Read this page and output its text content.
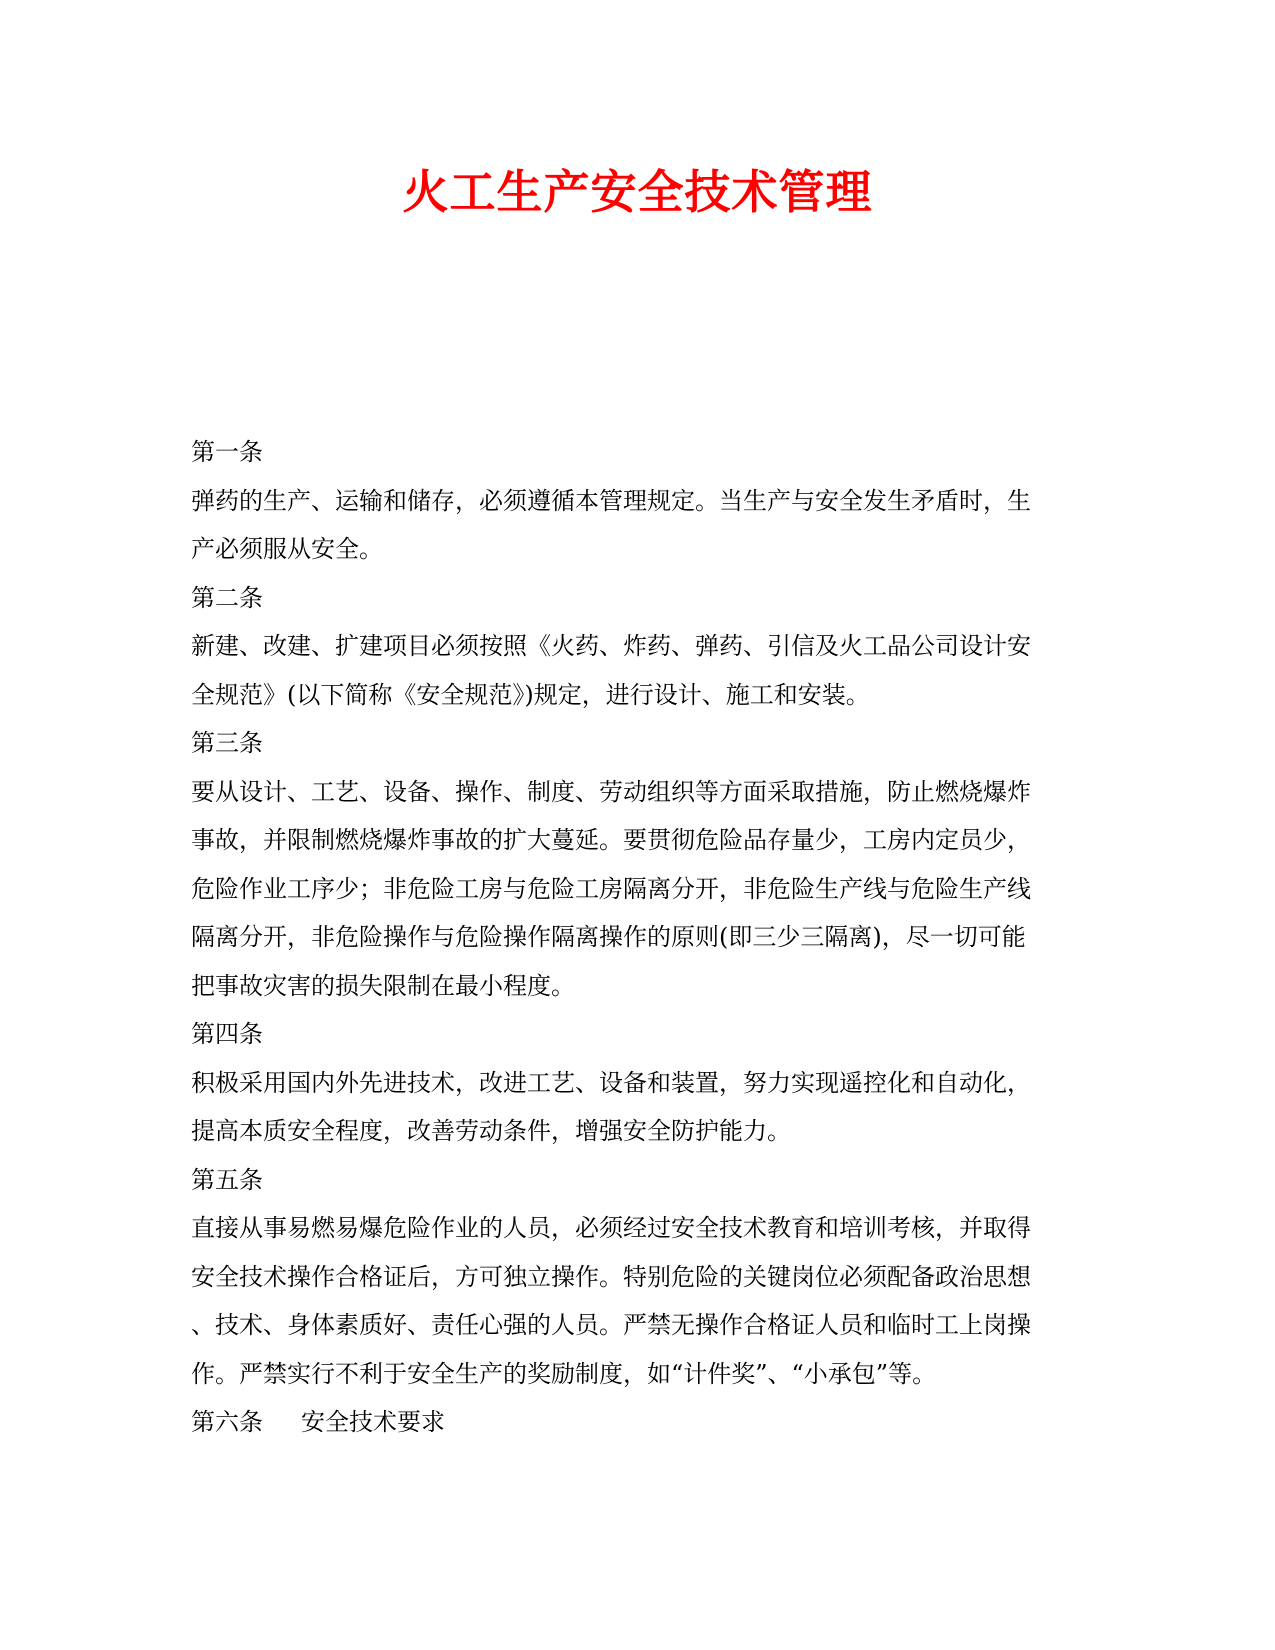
火工生产安全技术管理
第一条
弹药的生产、运输和储存，必须遵循本管理规定。当生产与安全发生矛盾时，生
产必须服从安全。
第二条
新建、改建、扩建项目必须按照《火药、炸药、弹药、引信及火工品公司设计安
全规范》(以下简称《安全规范》)规定，进行设计、施工和安装。
第三条
要从设计、工艺、设备、操作、制度、劳动组织等方面采取措施，防止燃烧爆炸
事故，并限制燃烧爆炸事故的扩大蔓延。要贯彻危险品存量少，工房内定员少，
危险作业工序少；非危险工房与危险工房隔离分开，非危险生产线与危险生产线
隔离分开，非危险操作与危险操作隔离操作的原则(即三少三隔离)，尽一切可能
把事故灾害的损失限制在最小程度。
第四条
积极采用国内外先进技术，改进工艺、设备和装置，努力实现遥控化和自动化，
提高本质安全程度，改善劳动条件，增强安全防护能力。
第五条
直接从事易燃易爆危险作业的人员，必须经过安全技术教育和培训考核，并取得
安全技术操作合格证后，方可独立操作。特别危险的关键岗位必须配备政治思想
、技术、身体素质好、责任心强的人员。严禁无操作合格证人员和临时工上岗操
作。严禁实行不利于安全生产的奖励制度，如“计件奖”、“小承包”等。
第六条 安全技术要求
